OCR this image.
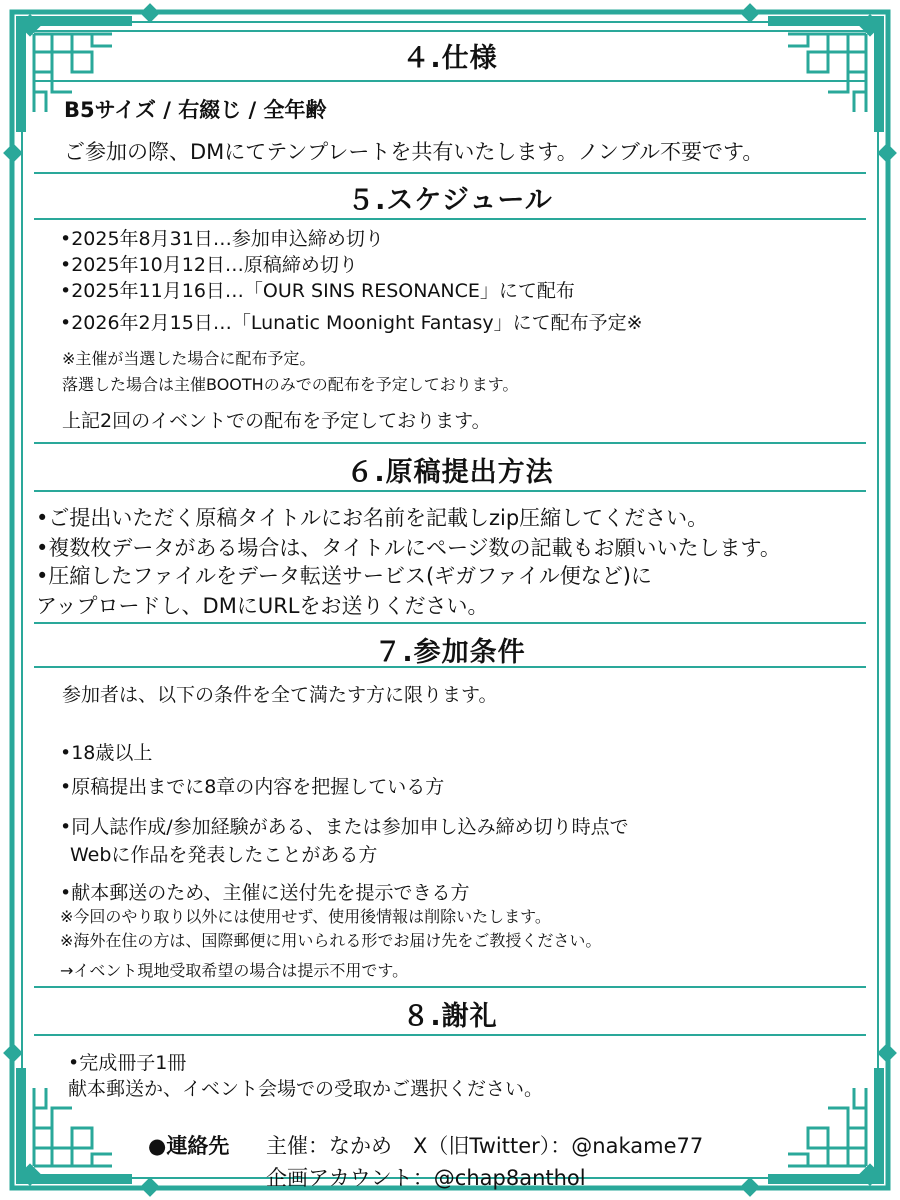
４.仕様
B5サイズ / 右綴じ / 全年齢
ご参加の際、DMにてテンプレートを共有いたします。ノンブル不要です。
５.スケジュール
•2025年8月31日…参加申込締め切り
•2025年10月12日…原稿締め切り
•2025年11月16日…「OUR SINS RESONANCE」にて配布
•2026年2月15日…「Lunatic Moonight Fantasy」にて配布予定※
※主催が当選した場合に配布予定。
落選した場合は主催BOOTHのみでの配布を予定しております。
上記2回のイベントでの配布を予定しております。
６.原稿提出方法
•ご提出いただく原稿タイトルにお名前を記載しzip圧縮してください。
•複数枚データがある場合は、タイトルにページ数の記載もお願いいたします。
•圧縮したファイルをデータ転送サービス(ギガファイル便など)に
アップロードし、DMにURLをお送りください。
７.参加条件
参加者は、以下の条件を全て満たす方に限ります。
•18歳以上
•原稿提出までに8章の内容を把握している方
•同人誌作成/参加経験がある、または参加申し込み締め切り時点で
Webに作品を発表したことがある方
•献本郵送のため、主催に送付先を提示できる方
※今回のやり取り以外には使用せず、使用後情報は削除いたします。
※海外在住の方は、国際郵便に用いられる形でお届け先をご教授ください。
→イベント現地受取希望の場合は提示不用です。
８.謝礼
•完成冊子1冊
献本郵送か、イベント会場での受取かご選択ください。
●連絡先 主催：なかめ　X（旧Twitter）：@nakame77
企画アカウント：@chap8anthol
